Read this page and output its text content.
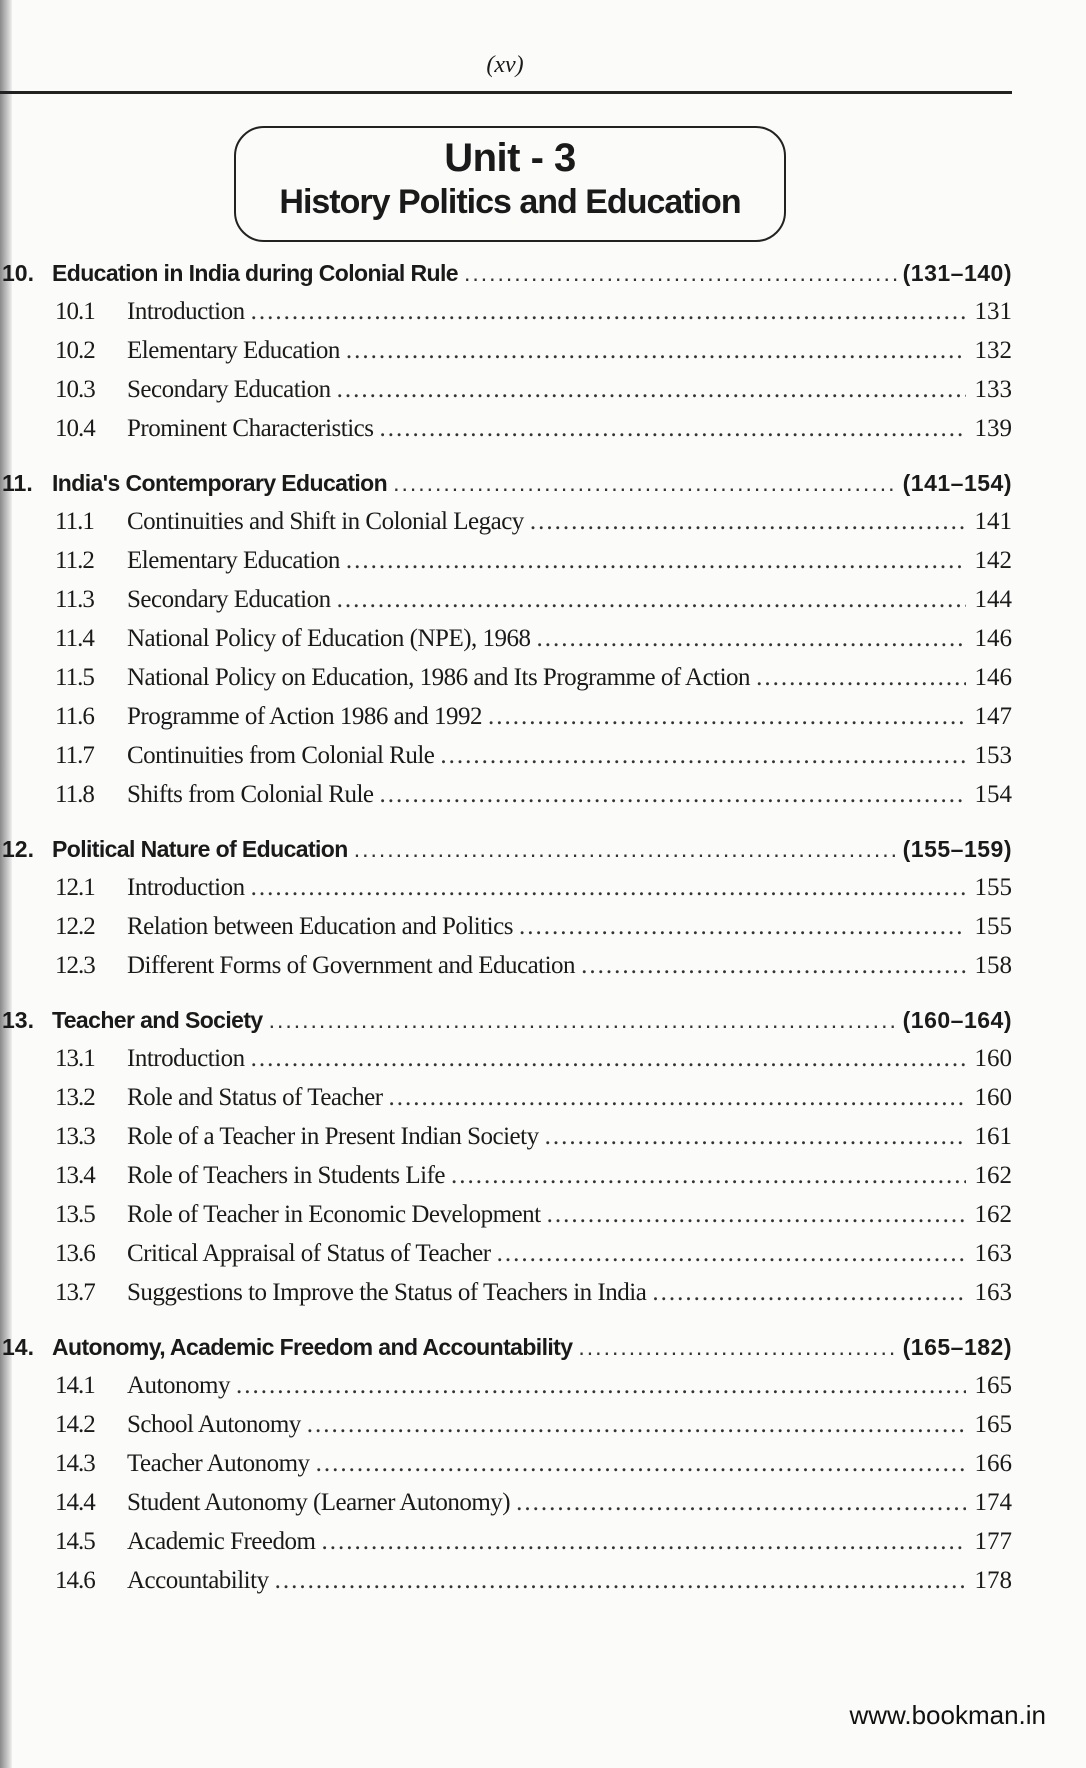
(xv)
Unit - 3
History Politics and Education
10. Education in India during Colonial Rule .....	(131–140)
10.1	Introduction .....	131
10.2	Elementary Education .....	132
10.3	Secondary Education .....	133
10.4	Prominent Characteristics .....	139
11. India's Contemporary Education .....	(141–154)
11.1	Continuities and Shift in Colonial Legacy .....	141
11.2	Elementary Education .....	142
11.3	Secondary Education .....	144
11.4	National Policy of Education (NPE), 1968 .....	146
11.5	National Policy on Education, 1986 and Its Programme of Action .....	146
11.6	Programme of Action 1986 and 1992 .....	147
11.7	Continuities from Colonial Rule .....	153
11.8	Shifts from Colonial Rule .....	154
12. Political Nature of Education .....	(155–159)
12.1	Introduction .....	155
12.2	Relation between Education and Politics .....	155
12.3	Different Forms of Government and Education .....	158
13. Teacher and Society .....	(160–164)
13.1	Introduction .....	160
13.2	Role and Status of Teacher .....	160
13.3	Role of a Teacher in Present Indian Society .....	161
13.4	Role of Teachers in Students Life .....	162
13.5	Role of Teacher in Economic Development .....	162
13.6	Critical Appraisal of Status of Teacher .....	163
13.7	Suggestions to Improve the Status of Teachers in India .....	163
14. Autonomy, Academic Freedom and Accountability .....	(165–182)
14.1	Autonomy .....	165
14.2	School Autonomy .....	165
14.3	Teacher Autonomy .....	166
14.4	Student Autonomy (Learner Autonomy) .....	174
14.5	Academic Freedom .....	177
14.6	Accountability .....	178
www.bookman.in
